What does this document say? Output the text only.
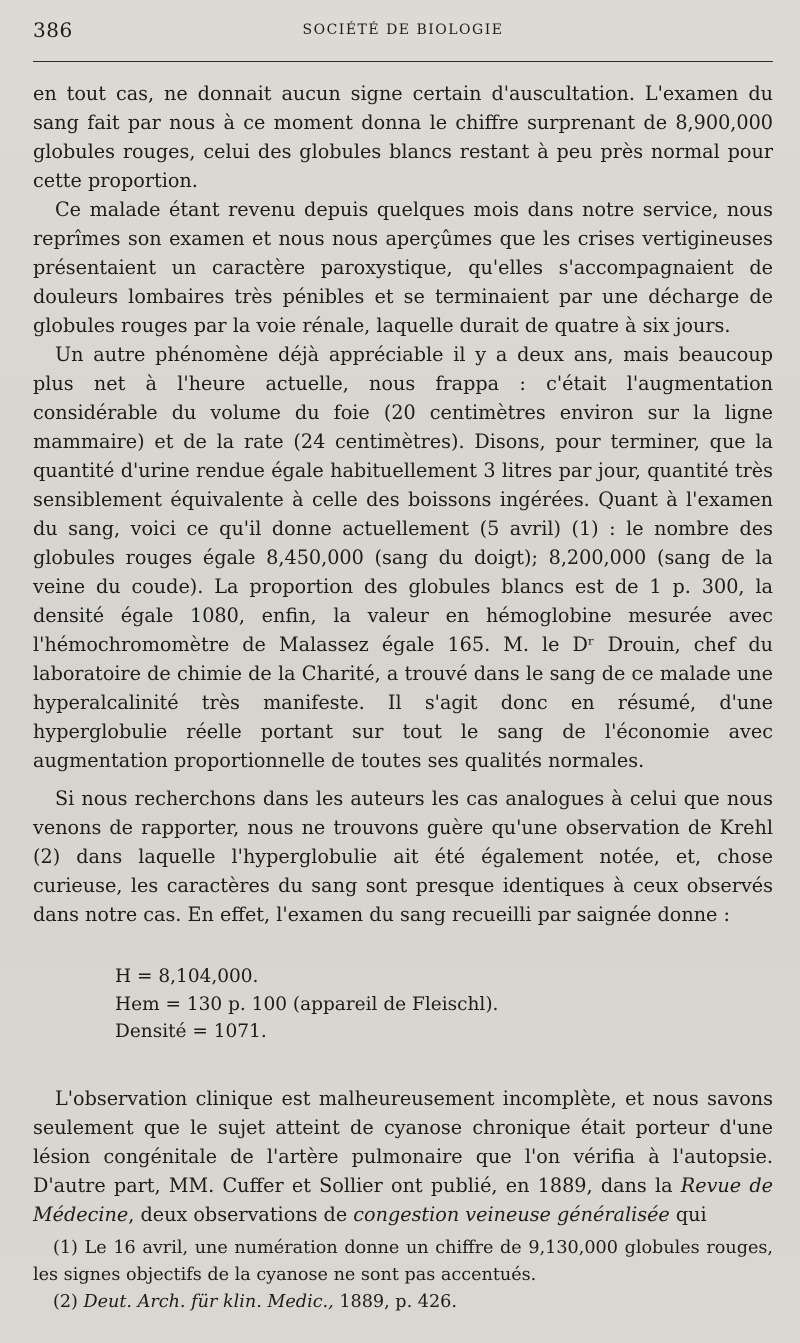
386	SOCIÉTÉ DE BIOLOGIE

en tout cas, ne donnait aucun signe certain d'auscultation. L'examen du sang fait par nous à ce moment donna le chiffre surprenant de 8,900,000 globules rouges, celui des globules blancs restant à peu près normal pour cette proportion.

Ce malade étant revenu depuis quelques mois dans notre service, nous reprîmes son examen et nous nous aperçûmes que les crises vertigineuses présentaient un caractère paroxystique, qu'elles s'accompagnaient de douleurs lombaires très pénibles et se terminaient par une décharge de globules rouges par la voie rénale, laquelle durait de quatre à six jours.

Un autre phénomène déjà appréciable il y a deux ans, mais beaucoup plus net à l'heure actuelle, nous frappa : c'était l'augmentation considérable du volume du foie (20 centimètres environ sur la ligne mammaire) et de la rate (24 centimètres). Disons, pour terminer, que la quantité d'urine rendue égale habituellement 3 litres par jour, quantité très sensiblement équivalente à celle des boissons ingérées. Quant à l'examen du sang, voici ce qu'il donne actuellement (5 avril) (1) : le nombre des globules rouges égale 8,450,000 (sang du doigt); 8,200,000 (sang de la veine du coude). La proportion des globules blancs est de 1 p. 300, la densité égale 1080, enfin, la valeur en hémoglobine mesurée avec l'hémochromomètre de Malassez égale 165. M. le Dʳ Drouin, chef du laboratoire de chimie de la Charité, a trouvé dans le sang de ce malade une hyperalcalinité très manifeste. Il s'agit donc en résumé, d'une hyperglobulie réelle portant sur tout le sang de l'économie avec augmentation proportionnelle de toutes ses qualités normales.

Si nous recherchons dans les auteurs les cas analogues à celui que nous venons de rapporter, nous ne trouvons guère qu'une observation de Krehl (2) dans laquelle l'hyperglobulie ait été également notée, et, chose curieuse, les caractères du sang sont presque identiques à ceux observés dans notre cas. En effet, l'examen du sang recueilli par saignée donne :

H = 8,104,000.
Hem = 130 p. 100 (appareil de Fleischl).
Densité = 1071.

L'observation clinique est malheureusement incomplète, et nous savons seulement que le sujet atteint de cyanose chronique était porteur d'une lésion congénitale de l'artère pulmonaire que l'on vérifia à l'autopsie. D'autre part, MM. Cuffer et Sollier ont publié, en 1889, dans la Revue de Médecine, deux observations de congestion veineuse généralisée qui

(1) Le 16 avril, une numération donne un chiffre de 9,130,000 globules rouges, les signes objectifs de la cyanose ne sont pas accentués.

(2) Deut. Arch. für klin. Medic., 1889, p. 426.
